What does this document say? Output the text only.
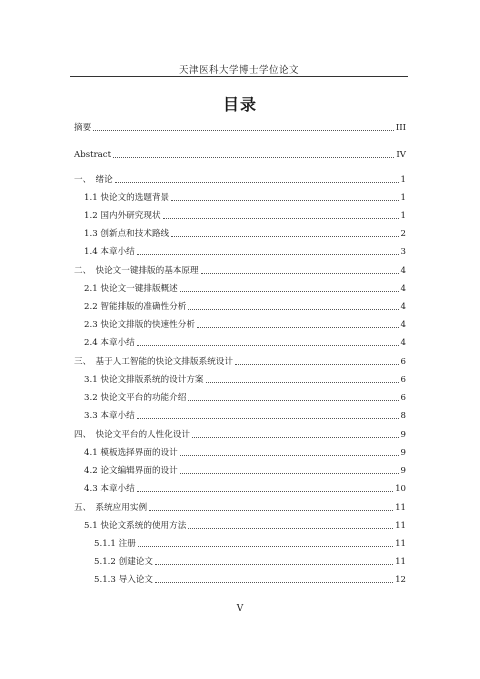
天津医科大学博士学位论文
目录
摘要	III
Abstract	IV
一、　绪论	1
1.1 快论文的选题背景	1
1.2 国内外研究现状	1
1.3 创新点和技术路线	2
1.4 本章小结	3
二、　快论文一键排版的基本原理	4
2.1 快论文一键排版概述	4
2.2 智能排版的准确性分析	4
2.3 快论文排版的快速性分析	4
2.4 本章小结	4
三、　基于人工智能的快论文排版系统设计	6
3.1 快论文排版系统的设计方案	6
3.2 快论文平台的功能介绍	6
3.3 本章小结	8
四、　快论文平台的人性化设计	9
4.1 模板选择界面的设计	9
4.2 论文编辑界面的设计	9
4.3 本章小结	10
五、　系统应用实例	11
5.1 快论文系统的使用方法	11
5.1.1 注册	11
5.1.2 创建论文	11
5.1.3 导入论文	12
V
